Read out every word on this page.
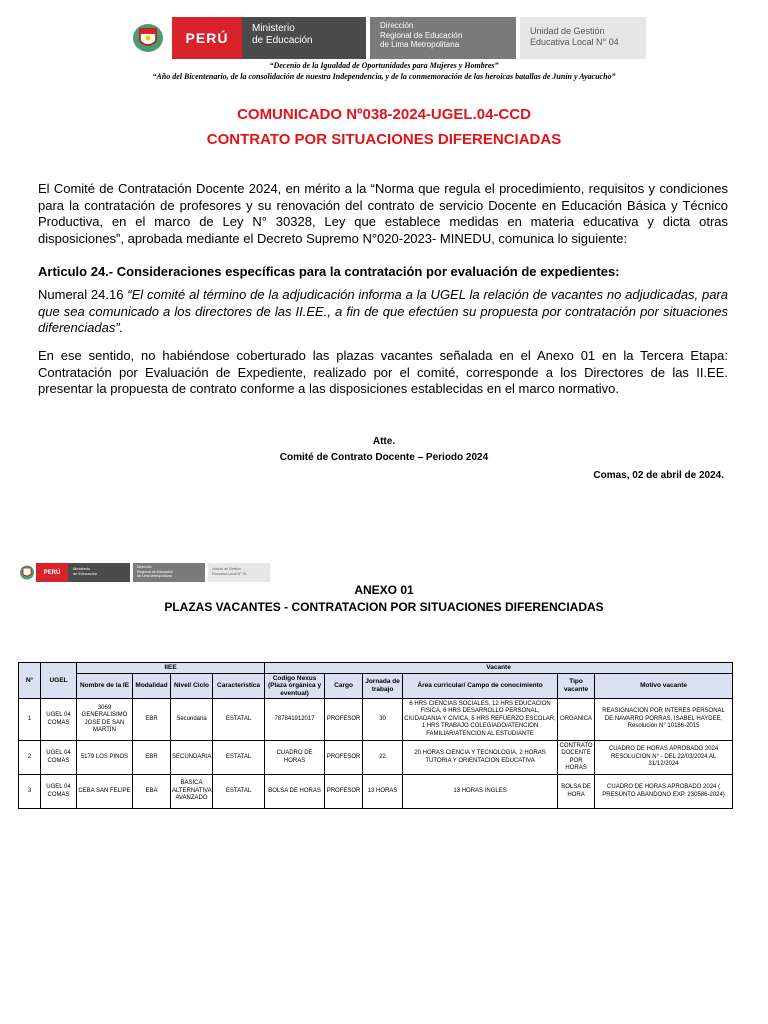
PERÚ
Ministerio
de Educación
Dirección
Regional de Educación
de Lima Metropolitana
Unidad de Gestión
Educativa Local N° 04
“Decenio de la Igualdad de Oportunidades para Mujeres y Hombres”
“Año del Bicentenario, de la consolidación de nuestra Independencia, y de la conmemoración de las heroicas batallas de Junín y Ayacucho”
COMUNICADO Nº038-2024-UGEL.04-CCD
CONTRATO POR SITUACIONES DIFERENCIADAS
El Comité de Contratación Docente 2024, en mérito a la “Norma que regula el procedimiento, requisitos y condiciones para la contratación de profesores y su renovación del contrato de servicio Docente en Educación Básica y Técnico Productiva, en el marco de Ley N° 30328, Ley que establece medidas en materia educativa y dicta otras disposiciones”, aprobada mediante el Decreto Supremo N°020-2023- MINEDU, comunica lo siguiente:
Articulo 24.- Consideraciones específicas para la contratación por evaluación de expedientes:
Numeral 24.16 “El comité al término de la adjudicación informa a la UGEL la relación de vacantes no adjudicadas, para que sea comunicado a los directores de las II.EE., a fin de que efectúen su propuesta por contratación por situaciones diferenciadas”.
En ese sentido, no habiéndose coberturado las plazas vacantes señalada en el Anexo 01 en la Tercera Etapa: Contratación por Evaluación de Expediente, realizado por el comité, corresponde a los Directores de las II.EE. presentar la propuesta de contrato conforme a las disposiciones establecidas en el marco normativo.
Atte.
Comité de Contrato Docente – Periodo 2024
Comas, 02 de abril de 2024.
PERÚ
Ministerio
de Educación
Dirección
Regional de Educación
de Lima Metropolitana
Unidad de Gestión
Educativa Local N° 04
ANEXO 01
PLAZAS VACANTES - CONTRATACION POR SITUACIONES DIFERENCIADAS
N°	UGEL	IIEE				Vacante					
		Nombre de la IE	Modalidad	Nivel/ Ciclo	Caracteristica	Codigo Nexus (Plaza orgánica y eventual)	Cargo	Jornada de trabajo	Área curricular/ Campo de conocimiento	Tipo vacante	Motivo vacante
1	UGEL 04 COMAS	3069 GENERALISIMO JOSE DE SAN MARTIN	EBR	Secundaria	ESTATAL	787841912017	PROFESOR	30	6 HRS CIENCIAS SOCIALES, 12 HRS EDUCACION FISICA, 6 HRS DESARROLLO PERSONAL, CIUDADANIA Y CIVICA, 5 HRS REFUERZO ESCOLAR, 1 HRS TRABAJO COLEGIADO/ATENCION FAMILIAR/ATENCION AL ESTUDIANTE	ORGANICA	REASIGNACION POR INTERES PERSONAL DE:NAVARRO PORRAS, ISABEL HAYDEE, Resolución N° 10186-2015
2	UGEL 04 COMAS	5179 LOS PINOS	EBR	SECUNDARIA	ESTATAL	CUADRO DE HORAS	PROFESOR	22	20 HORAS CIENCIA Y TECNOLOGIA, 2 HORAS TUTORIA Y ORIENTACION EDUCATIVA	CONTRATO DOCENTE POR HORAS	CUADRO DE HORAS APROBADO 2024 RESOLUCION N° - DEL 22/03/2024 AL 31/12/2024
3	UGEL 04 COMAS	CEBA SAN FELIPE	EBA	BASICA ALTERNATIVA AVANZADO	ESTATAL	BOLSA DE HORAS	PROFESOR	13 HORAS	13 HORAS INGLES	BOLSA DE HORA	CUADRO DE HORAS APROBADO 2024 ( PRESUNTO ABANDONO EXP. 230586-2024)
